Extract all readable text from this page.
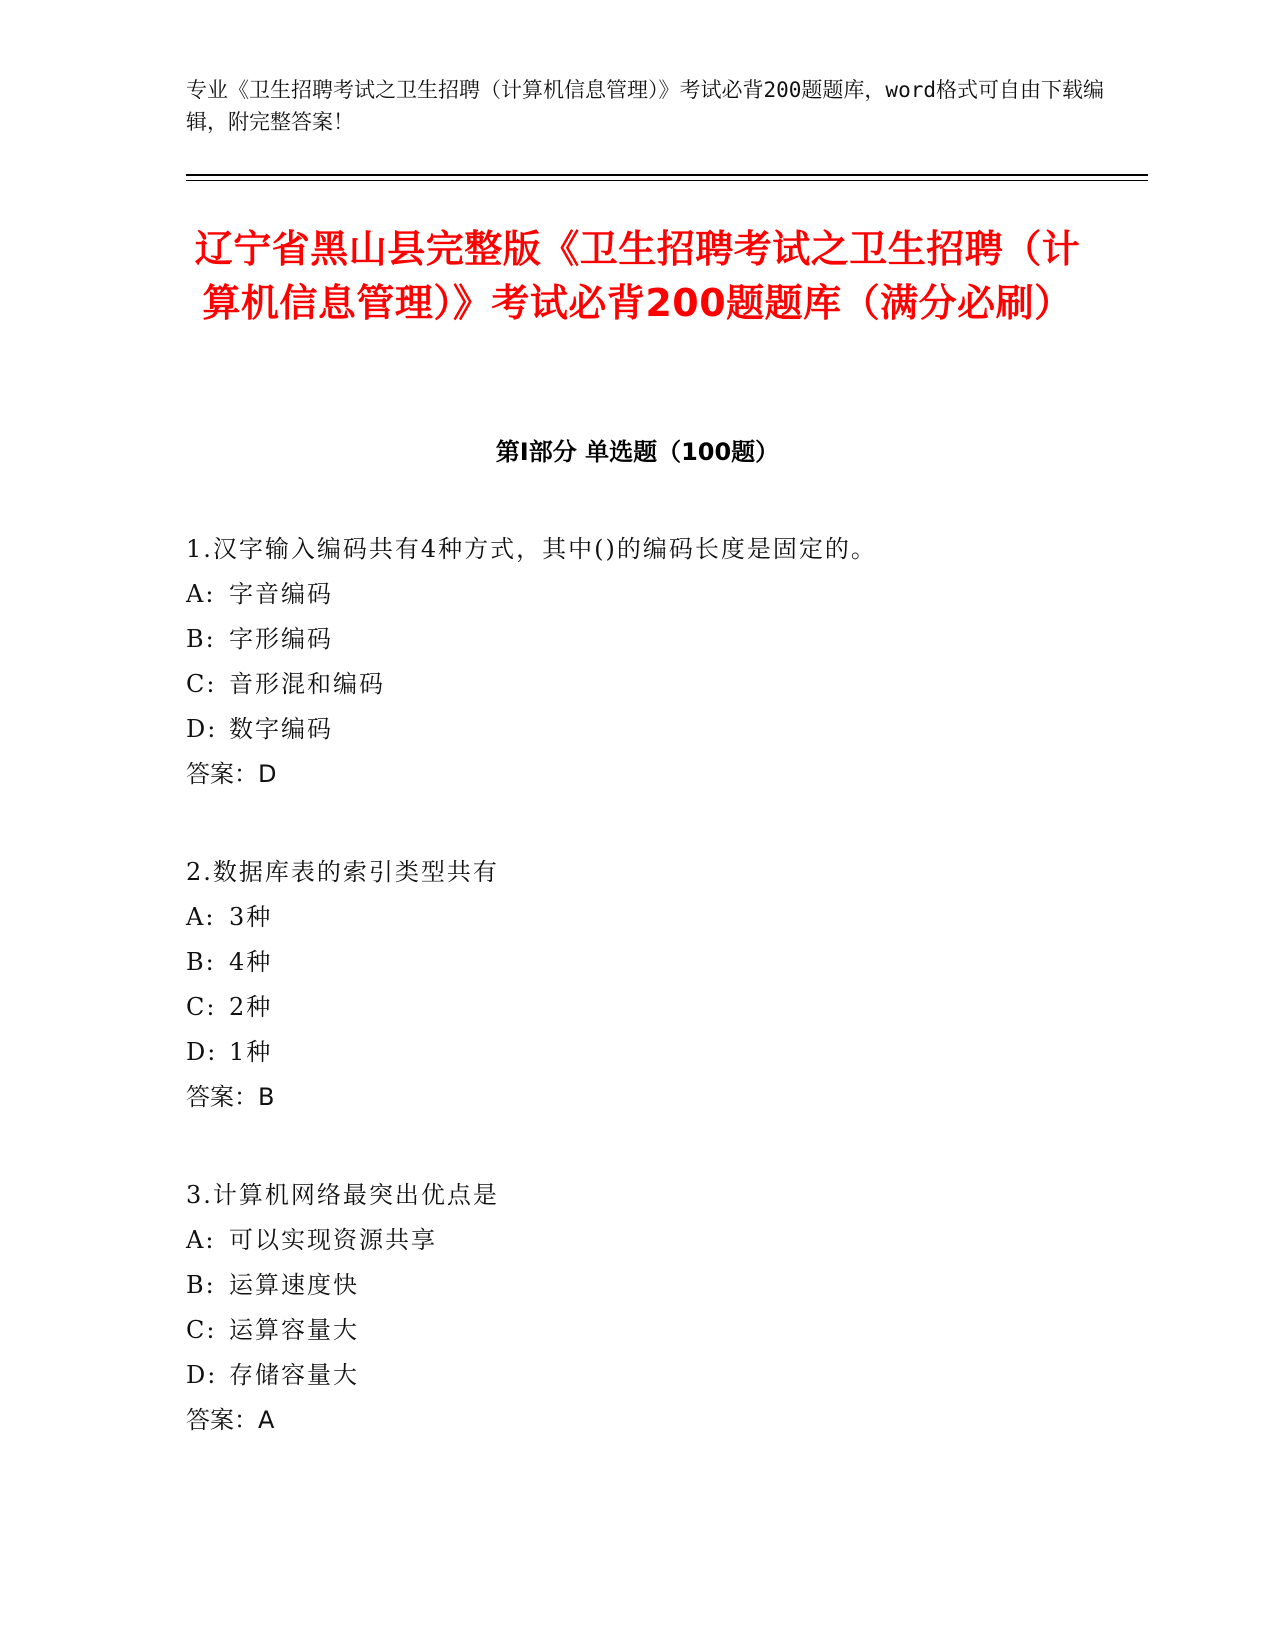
专业《卫生招聘考试之卫生招聘（计算机信息管理）》考试必背200题题库，word格式可自由下载编辑，附完整答案！

辽宁省黑山县完整版《卫生招聘考试之卫生招聘（计算机信息管理）》考试必背200题题库（满分必刷）
第Ⅰ部分 单选题（100题）
1.汉字输入编码共有4种方式，其中()的编码长度是固定的。
A: 字音编码
B: 字形编码
C: 音形混和编码
D: 数字编码
答案：D
2.数据库表的索引类型共有
A: 3种
B: 4种
C: 2种
D: 1种
答案：B
3.计算机网络最突出优点是
A: 可以实现资源共享
B: 运算速度快
C: 运算容量大
D: 存储容量大
答案：A
